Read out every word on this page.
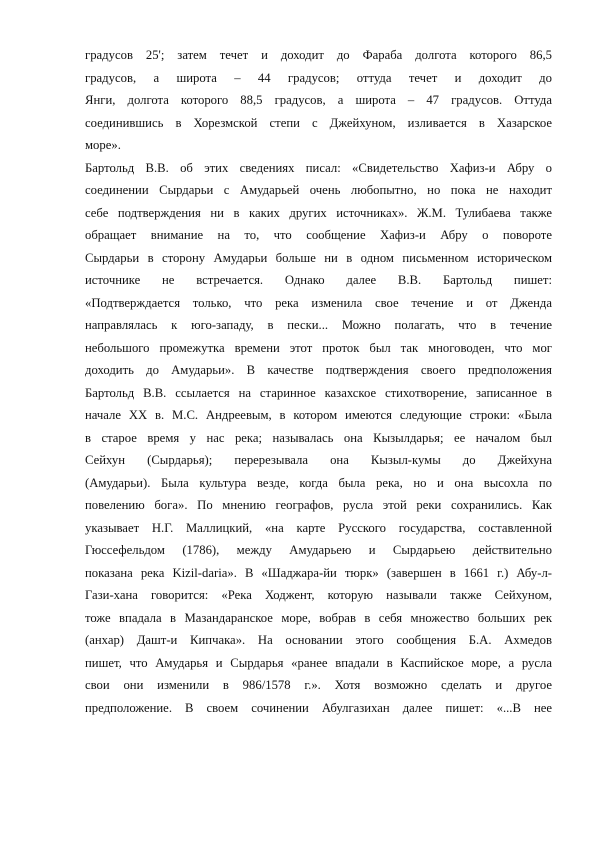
градусов 25'; затем течет и доходит до Фараба долгота которого 86,5
градусов, а широта – 44 градусов; оттуда течет и доходит до
Янги, долгота которого 88,5 градусов, а широта – 47 градусов. Оттуда
соединившись в Хорезмской степи с Джейхуном, изливается в Хазарское
море».
Бартольд В.В. об этих сведениях писал: «Свидетельство Хафиз-и Абру о
соединении Сырдарьи с Амударьей очень любопытно, но пока не находит
себе подтверждения ни в каких других источниках». Ж.М. Тулибаева также
обращает внимание на то, что сообщение Хафиз-и Абру о повороте
Сырдарьи в сторону Амударьи больше ни в одном письменном историческом
источнике не встречается. Однако далее В.В. Бартольд пишет:
«Подтверждается только, что река изменила свое течение и от Дженда
направлялась к юго-западу, в пески... Можно полагать, что в течение
небольшого промежутка времени этот проток был так многоводен, что мог
доходить до Амударьи». В качестве подтверждения своего предположения
Бартольд В.В. ссылается на старинное казахское стихотворение, записанное в
начале XX в. М.С. Андреевым, в котором имеются следующие строки: «Была
в старое время у нас река; называлась она Кызылдарья; ее началом был
Сейхун (Сырдарья); перерезывала она Кызыл-кумы до Джейхуна
(Амударьи). Была культура везде, когда была река, но и она высохла по
повелению бога». По мнению географов, русла этой реки сохранились. Как
указывает Н.Г. Маллицкий, «на карте Русского государства, составленной
Гюссефельдом (1786), между Амударьею и Сырдарьею действительно
показана река Kizil-daria». В «Шаджара-йи тюрк» (завершен в 1661 г.) Абу-л-
Гази-хана говорится: «Река Ходжент, которую называли также Сейхуном,
тоже впадала в Мазандаранское море, вобрав в себя множество больших рек
(анхар) Дашт-и Кипчака». На основании этого сообщения Б.А. Ахмедов
пишет, что Амударья и Сырдарья «ранее впадали в Каспийское море, а русла
свои они изменили в 986/1578 г.». Хотя возможно сделать и другое
предположение. В своем сочинении Абулгазихан далее пишет: «...В нее
